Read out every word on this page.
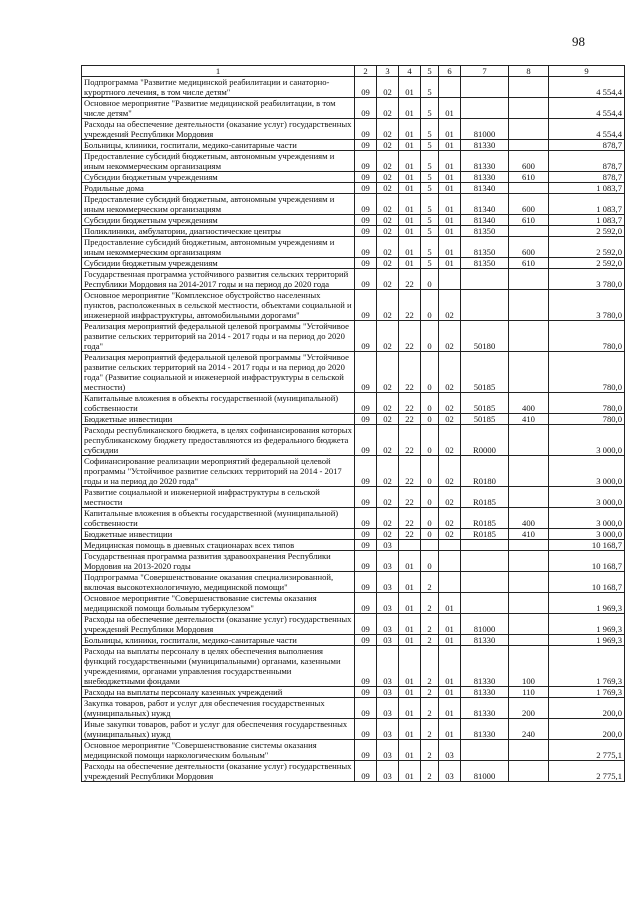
98
1	2	3	4	5	6	7	8	9
Подпрограмма "Развитие медицинской реабилитации и санаторно-курортного лечения, в том числе детям"	09	02	01	5				4 554,4
Основное мероприятие "Развитие медицинской реабилитации, в том числе детям"	09	02	01	5	01			4 554,4
Расходы на обеспечение деятельности (оказание услуг) государственных учреждений Республики Мордовия	09	02	01	5	01	81000		4 554,4
Больницы, клиники, госпитали, медико-санитарные части	09	02	01	5	01	81330		878,7
Предоставление субсидий бюджетным, автономным учреждениям и иным некоммерческим организациям	09	02	01	5	01	81330	600	878,7
Субсидии бюджетным учреждениям	09	02	01	5	01	81330	610	878,7
Родильные дома	09	02	01	5	01	81340		1 083,7
Предоставление субсидий бюджетным, автономным учреждениям и иным некоммерческим организациям	09	02	01	5	01	81340	600	1 083,7
Субсидии бюджетным учреждениям	09	02	01	5	01	81340	610	1 083,7
Поликлиники, амбулатории, диагностические центры	09	02	01	5	01	81350		2 592,0
Предоставление субсидий бюджетным, автономным учреждениям и иным некоммерческим организациям	09	02	01	5	01	81350	600	2 592,0
Субсидии бюджетным учреждениям	09	02	01	5	01	81350	610	2 592,0
Государственная программа устойчивого развития сельских территорий Республики Мордовия на 2014-2017 годы и на период до 2020 года	09	02	22	0				3 780,0
Основное мероприятие "Комплексное обустройство населенных пунктов, расположенных в сельской местности, объектами социальной и инженерной инфраструктуры, автомобильными дорогами"	09	02	22	0	02			3 780,0
Реализация мероприятий федеральной целевой программы "Устойчивое развитие сельских территорий на 2014 - 2017 годы и на период до 2020 года"	09	02	22	0	02	50180		780,0
Реализация мероприятий федеральной целевой программы "Устойчивое развитие сельских территорий на 2014 - 2017 годы и на период до 2020 года" (Развитие социальной и инженерной инфраструктуры в сельской местности)	09	02	22	0	02	50185		780,0
Капитальные вложения в объекты государственной (муниципальной) собственности	09	02	22	0	02	50185	400	780,0
Бюджетные инвестиции	09	02	22	0	02	50185	410	780,0
Расходы республиканского бюджета, в целях софинансирования которых республиканскому бюджету предоставляются из федерального бюджета субсидии	09	02	22	0	02	R0000		3 000,0
Софинансирование реализации мероприятий федеральной целевой программы "Устойчивое развитие сельских территорий на 2014 - 2017 годы и на период до 2020 года"	09	02	22	0	02	R0180		3 000,0
Развитие социальной и инженерной инфраструктуры в сельской местности	09	02	22	0	02	R0185		3 000,0
Капитальные вложения в объекты государственной (муниципальной) собственности	09	02	22	0	02	R0185	400	3 000,0
Бюджетные инвестиции	09	02	22	0	02	R0185	410	3 000,0
Медицинская помощь в дневных стационарах всех типов	09	03						10 168,7
Государственная программа развития здравоохранения Республики Мордовия на 2013-2020 годы	09	03	01	0				10 168,7
Подпрограмма "Совершенствование оказания специализированной, включая высокотехнологичную, медицинской помощи"	09	03	01	2				10 168,7
Основное мероприятие "Совершенствование системы оказания медицинской помощи больным туберкулезом"	09	03	01	2	01			1 969,3
Расходы на обеспечение деятельности (оказание услуг) государственных учреждений Республики Мордовия	09	03	01	2	01	81000		1 969,3
Больницы, клиники, госпитали, медико-санитарные части	09	03	01	2	01	81330		1 969,3
Расходы на выплаты персоналу в целях обеспечения выполнения функций государственными (муниципальными) органами, казенными учреждениями, органами управления государственными внебюджетными фондами	09	03	01	2	01	81330	100	1 769,3
Расходы на выплаты персоналу казенных учреждений	09	03	01	2	01	81330	110	1 769,3
Закупка товаров, работ и услуг для обеспечения государственных (муниципальных) нужд	09	03	01	2	01	81330	200	200,0
Иные закупки товаров, работ и услуг для обеспечения государственных (муниципальных) нужд	09	03	01	2	01	81330	240	200,0
Основное мероприятие "Совершенствование системы оказания медицинской помощи наркологическим больным"	09	03	01	2	03			2 775,1
Расходы на обеспечение деятельности (оказание услуг) государственных учреждений Республики Мордовия	09	03	01	2	03	81000		2 775,1
